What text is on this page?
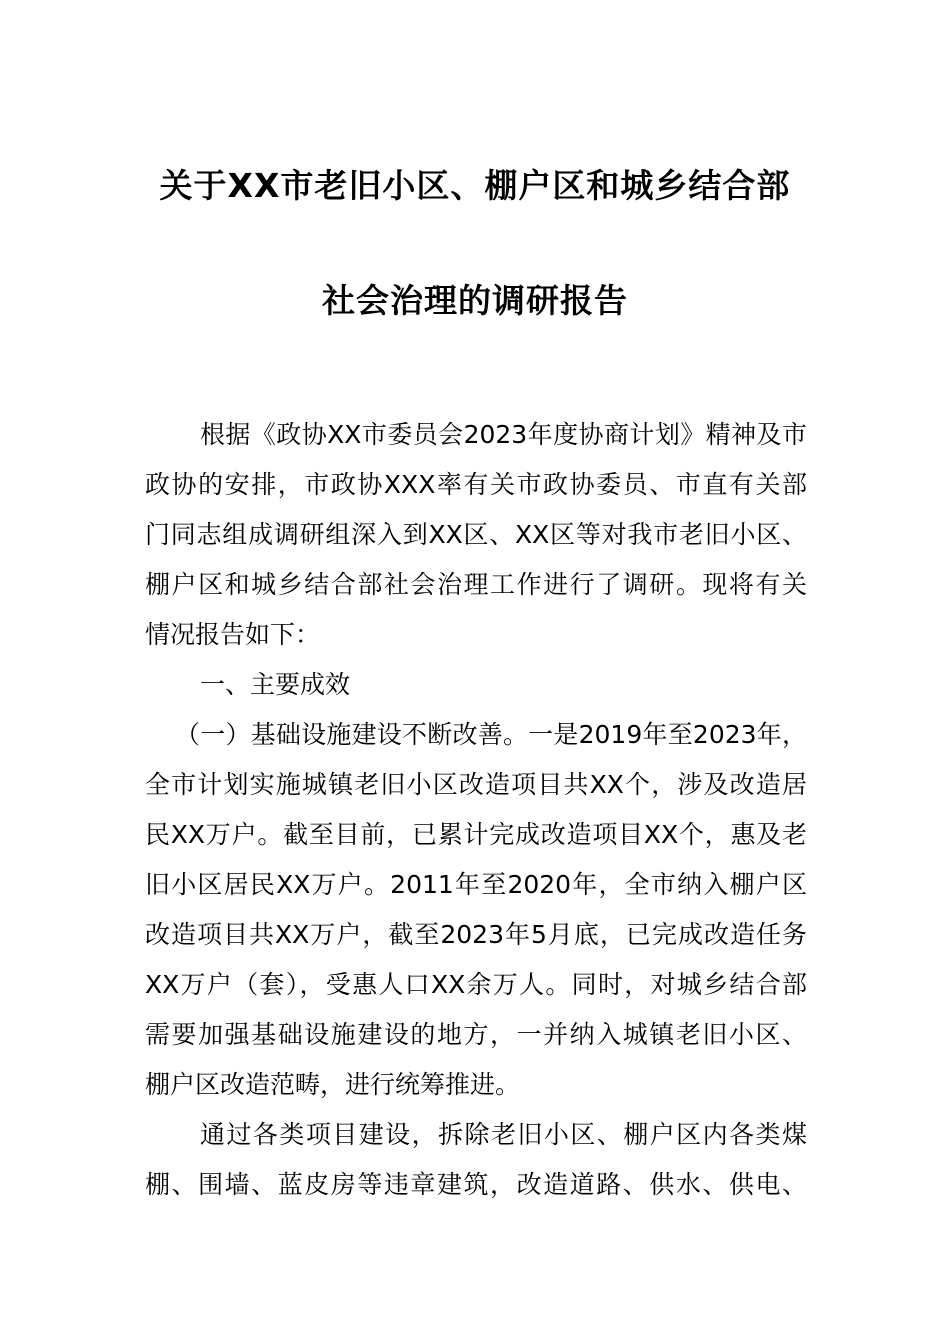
关于XX市老旧小区、棚户区和城乡结合部
社会治理的调研报告
根据《政协XX市委员会2023年度协商计划》精神及市
政协的安排，市政协XXX率有关市政协委员、市直有关部
门同志组成调研组深入到XX区、XX区等对我市老旧小区、
棚户区和城乡结合部社会治理工作进行了调研。现将有关
情况报告如下：
一、主要成效
（一）基础设施建设不断改善。一是2019年至2023年，
全市计划实施城镇老旧小区改造项目共XX个，涉及改造居
民XX万户。截至目前，已累计完成改造项目XX个，惠及老
旧小区居民XX万户。2011年至2020年，全市纳入棚户区
改造项目共XX万户，截至2023年5月底，已完成改造任务
XX万户（套），受惠人口XX余万人。同时，对城乡结合部
需要加强基础设施建设的地方，一并纳入城镇老旧小区、
棚户区改造范畴，进行统筹推进。
通过各类项目建设，拆除老旧小区、棚户区内各类煤
棚、围墙、蓝皮房等违章建筑，改造道路、供水、供电、
